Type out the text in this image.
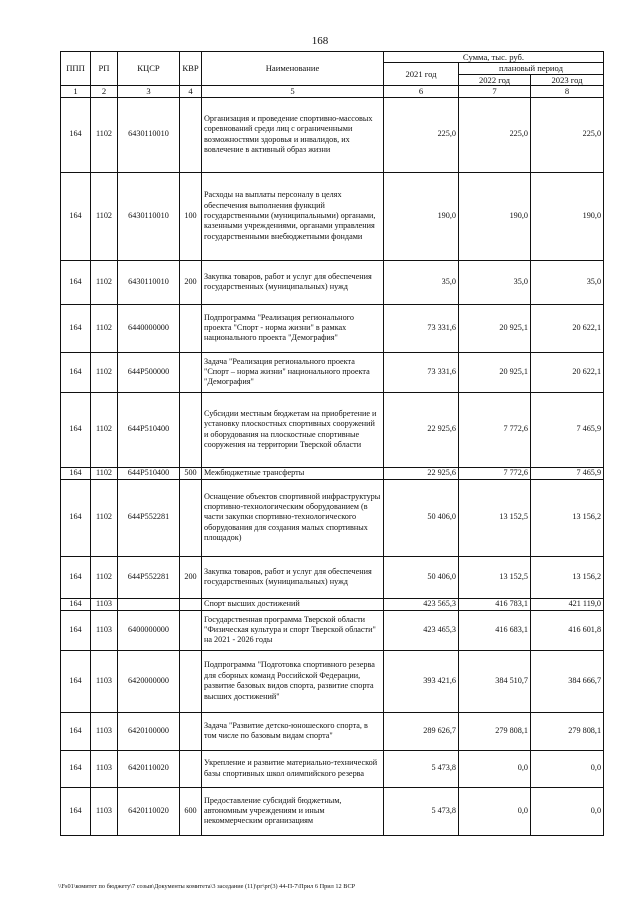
168
ППП	РП	КЦСР	КВР	Наименование	Сумма, тыс. руб.		
					2021 год	плановый период	
						2022 год	2023 год
1	2	3	4	5	6	7	8
164	1102	6430110010		Организация и проведение спортивно-массовых соревнований среди лиц с ограниченными возможностями здоровья и инвалидов, их вовлечение в активный образ жизни	225,0	225,0	225,0
164	1102	6430110010	100	Расходы на выплаты персоналу в целях обеспечения выполнения функций государственными (муниципальными) органами, казенными учреждениями, органами управления государственными внебюджетными фондами	190,0	190,0	190,0
164	1102	6430110010	200	Закупка товаров, работ и услуг для обеспечения государственных (муниципальных) нужд	35,0	35,0	35,0
164	1102	6440000000		Подпрограмма "Реализация регионального проекта "Спорт - норма жизни" в рамках национального проекта "Демография"	73 331,6	20 925,1	20 622,1
164	1102	644P500000		Задача "Реализация регионального проекта "Спорт – норма жизни" национального проекта "Демография"	73 331,6	20 925,1	20 622,1
164	1102	644P510400		Субсидии местным бюджетам на приобретение и установку плоскостных спортивных сооружений и оборудования на плоскостные спортивные сооружения на территории Тверской области	22 925,6	7 772,6	7 465,9
164	1102	644P510400	500	Межбюджетные трансферты	22 925,6	7 772,6	7 465,9
164	1102	644P552281		Оснащение объектов спортивной инфраструктуры спортивно-технологическим оборудованием (в части закупки спортивно-технологического оборудования для создания малых спортивных площадок)	50 406,0	13 152,5	13 156,2
164	1102	644P552281	200	Закупка товаров, работ и услуг для обеспечения государственных (муниципальных) нужд	50 406,0	13 152,5	13 156,2
164	1103			Спорт высших достижений	423 565,3	416 783,1	421 119,0
164	1103	6400000000		Государственная программа Тверской области "Физическая культура и спорт Тверской области" на 2021 - 2026 годы	423 465,3	416 683,1	416 601,8
164	1103	6420000000		Подпрограмма "Подготовка спортивного резерва для сборных команд Российской Федерации, развитие базовых видов спорта, развитие спорта высших достижений"	393 421,6	384 510,7	384 666,7
164	1103	6420100000		Задача "Развитие детско-юношеского спорта, в том числе по базовым видам спорта"	289 626,7	279 808,1	279 808,1
164	1103	6420110020		Укрепление и развитие материально-технической базы спортивных школ олимпийского резерва	5 473,8	0,0	0,0
164	1103	6420110020	600	Предоставление субсидий бюджетным, автономным учреждениям и иным некоммерческим организациям	5 473,8	0,0	0,0
\\Fs01\комитет по бюджету\7 созыв\Документы комитета\3 заседание (11)\рг\рг(3) 44-П-7\Прил 6 Прил 12 ВСР
